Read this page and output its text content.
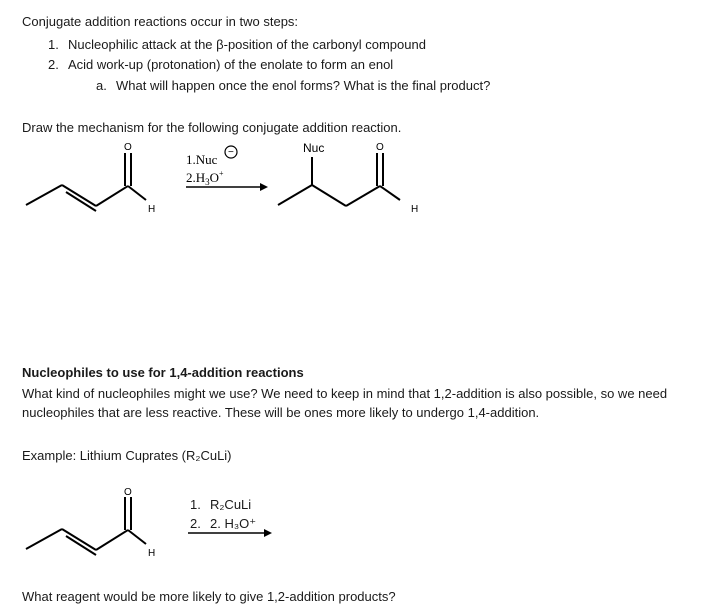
Conjugate addition reactions occur in two steps:
1. Nucleophilic attack at the β-position of the carbonyl compound
2. Acid work-up (protonation) of the enolate to form an enol
a. What will happen once the enol forms? What is the final product?
Draw the mechanism for the following conjugate addition reaction.
O
H
1.Nuc −
$2.H_3O^+$
Nuc	O
H
Nucleophiles to use for 1,4-addition reactions
What kind of nucleophiles might we use? We need to keep in mind that 1,2-addition is also possible, so we need
nucleophiles that are less reactive. These will be ones more likely to undergo 1,4-addition.
Example: Lithium Cuprates (R₂CuLi)
O
H
1. R₂CuLi
2. 2. H₃O⁺
What reagent would be more likely to give 1,2-addition products?
